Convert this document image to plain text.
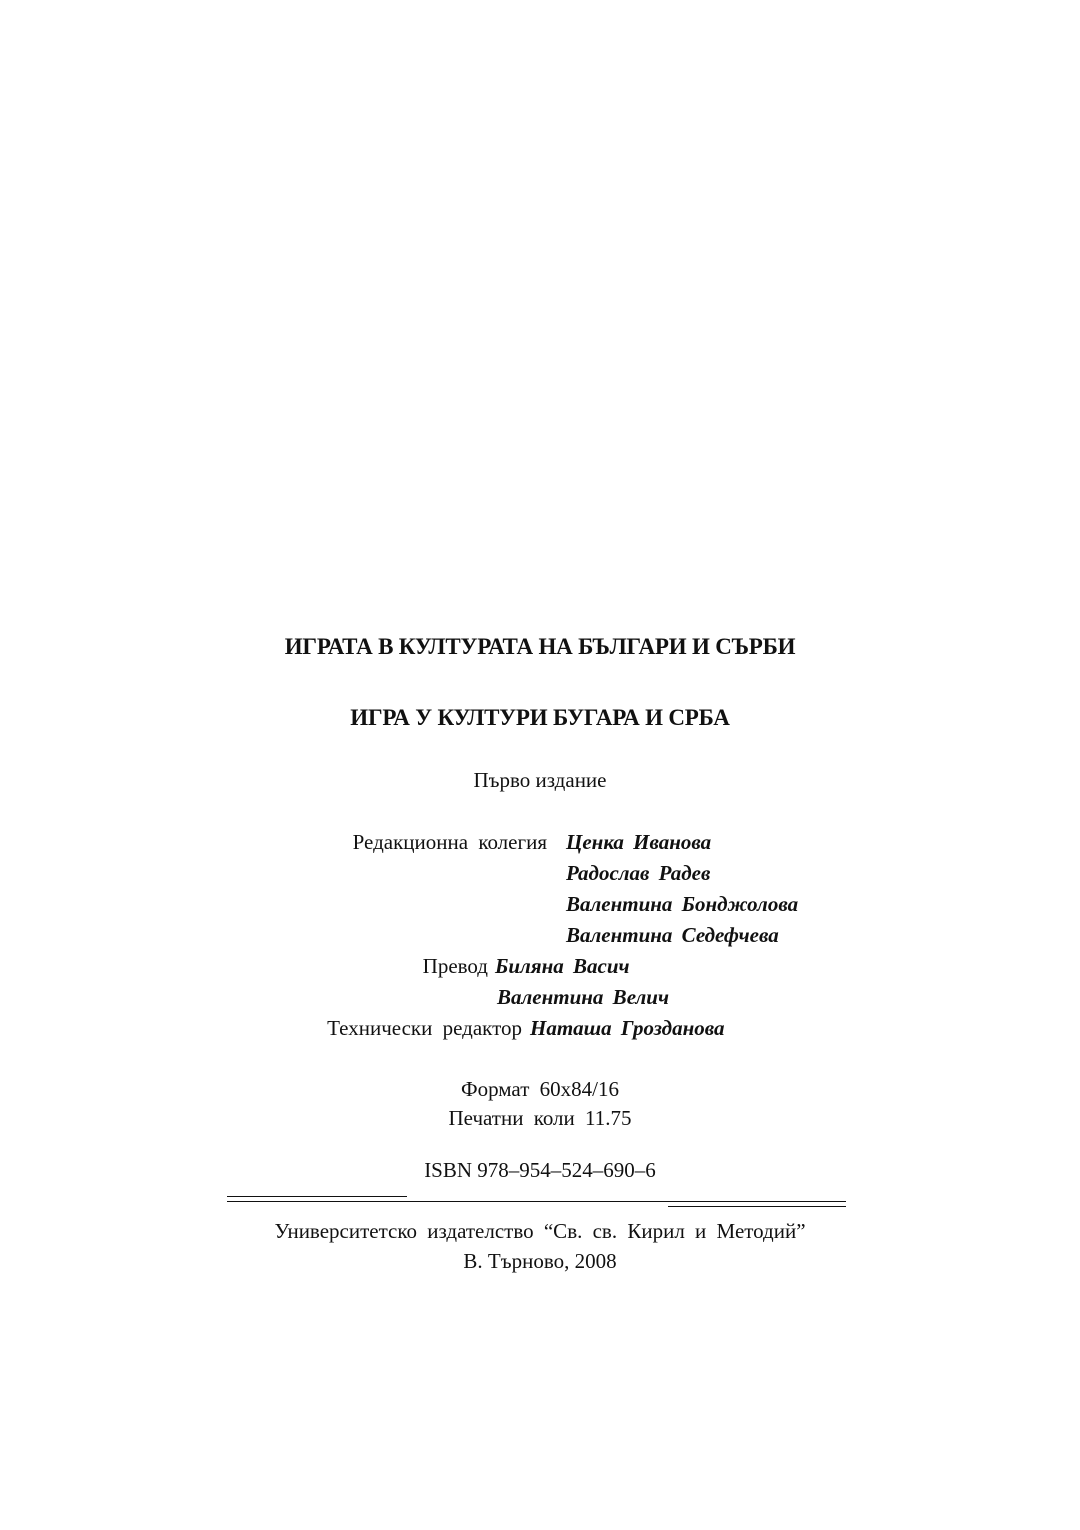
ИГРАТА В КУЛТУРАТА НА БЪЛГАРИ И СЪРБИ
ИГРА У КУЛТУРИ БУГАРА И СРБА
Първо издание
Редакционна колегия Ценка Иванова
Радослав Радев
Валентина Бонджолова
Валентина Седефчева
Превод Биляна Васич
Валентина Велич
Технически редактор Наташа Грозданова
Формат 60х84/16
Печатни коли 11.75
ISBN 978–954–524–690–6
Университетско издателство “Св. св. Кирил и Методий”
В. Търново, 2008
